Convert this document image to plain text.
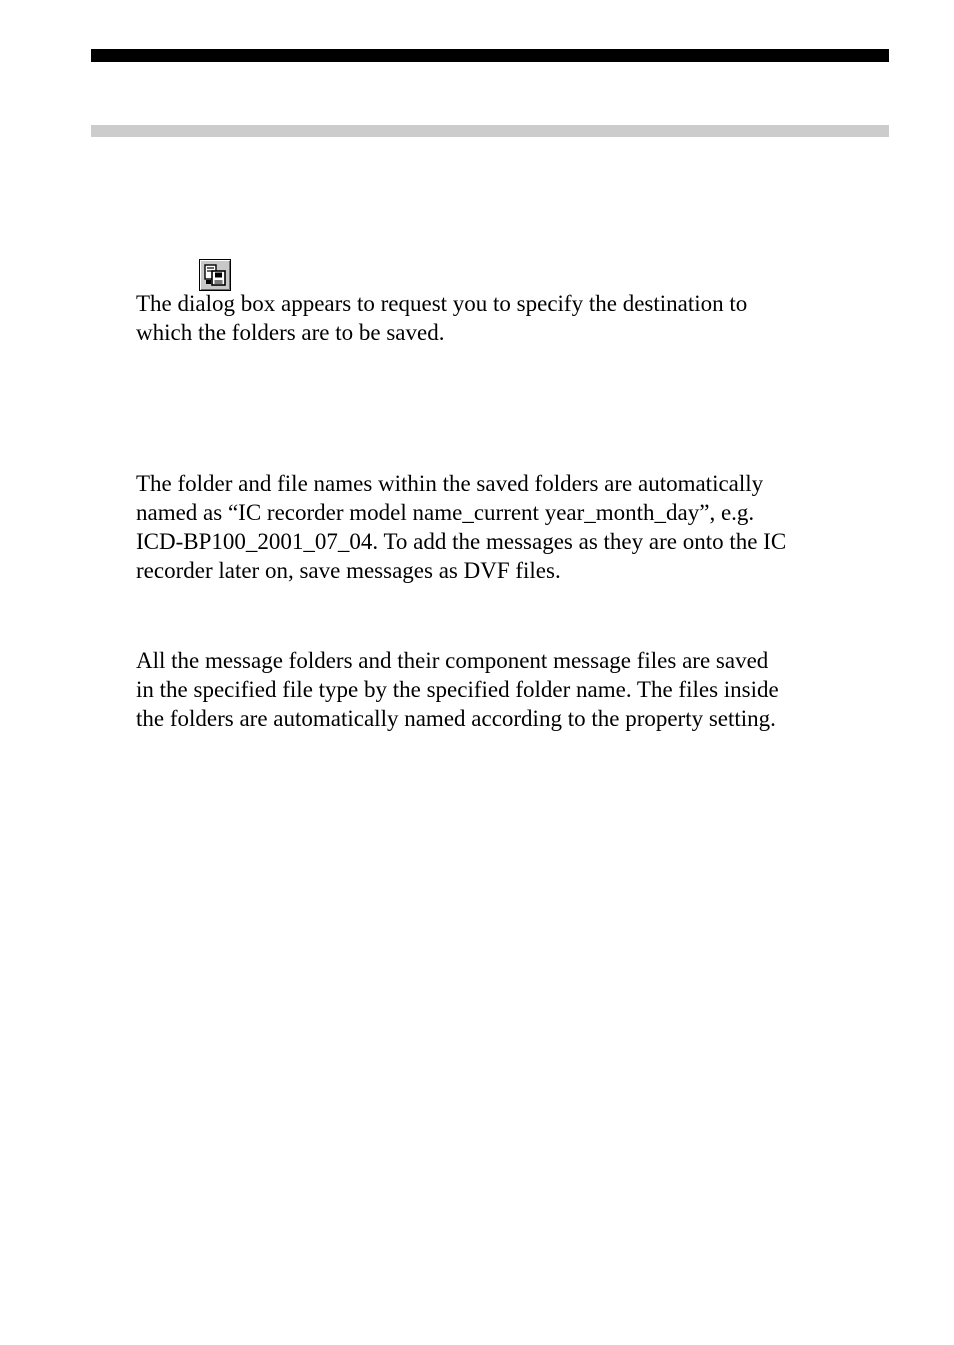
The dialog box appears to request you to specify the destination to
which the folders are to be saved.

The folder and file names within the saved folders are automatically
named as “IC recorder model name_current year_month_day”, e.g.
ICD-BP100_2001_07_04. To add the messages as they are onto the IC
recorder later on, save messages as DVF files.

All the message folders and their component message files are saved
in the specified file type by the specified folder name. The files inside
the folders are automatically named according to the property setting.
